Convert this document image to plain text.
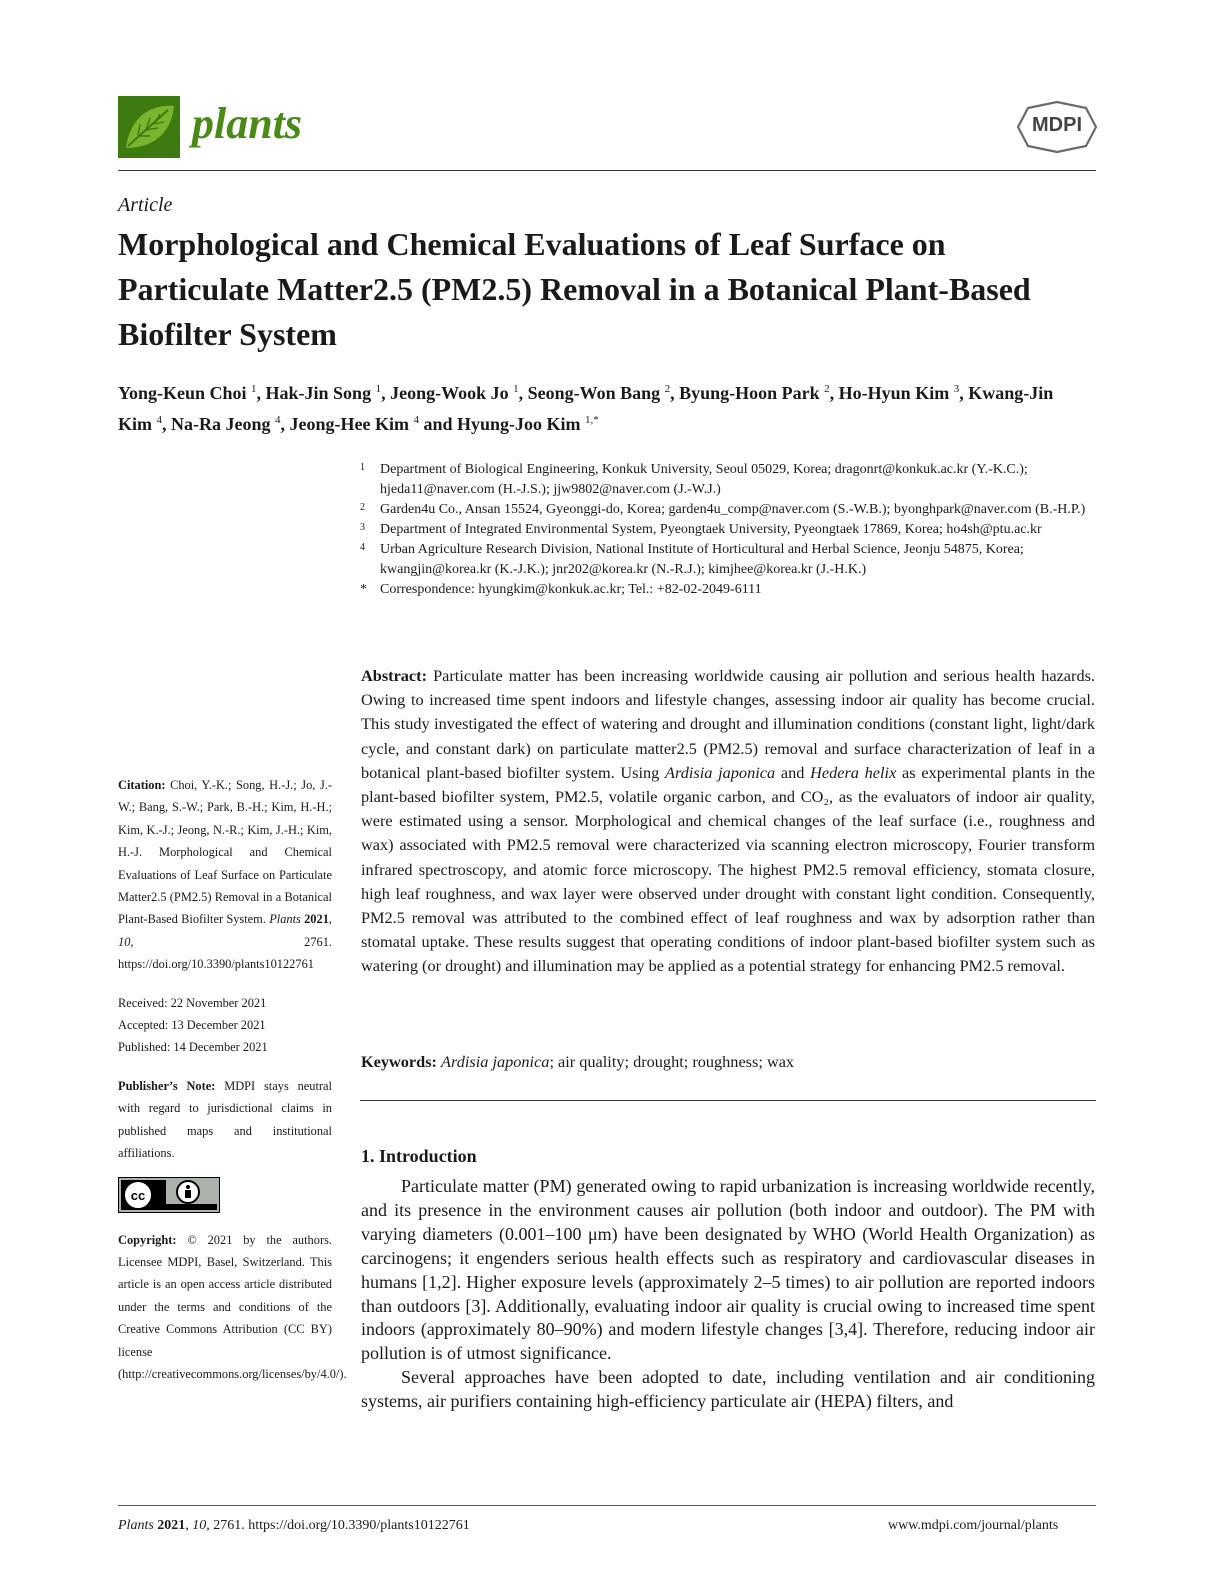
plants	MDPI
Article
Morphological and Chemical Evaluations of Leaf Surface on Particulate Matter2.5 (PM2.5) Removal in a Botanical Plant-Based Biofilter System
Yong-Keun Choi $^1$, Hak-Jin Song $^1$, Jeong-Wook Jo $^1$, Seong-Won Bang $^2$, Byung-Hoon Park $^2$, Ho-Hyun Kim $^3$, Kwang-Jin Kim $^4$, Na-Ra Jeong $^4$, Jeong-Hee Kim $^4$ and Hyung-Joo Kim $^{1,*}$
1 Department of Biological Engineering, Konkuk University, Seoul 05029, Korea; dragonrt@konkuk.ac.kr (Y.-K.C.); hjeda11@naver.com (H.-J.S.); jjw9802@naver.com (J.-W.J.)
2 Garden4u Co., Ansan 15524, Gyeonggi-do, Korea; garden4u_comp@naver.com (S.-W.B.); byonghpark@naver.com (B.-H.P.)
3 Department of Integrated Environmental System, Pyeongtaek University, Pyeongtaek 17869, Korea; ho4sh@ptu.ac.kr
4 Urban Agriculture Research Division, National Institute of Horticultural and Herbal Science, Jeonju 54875, Korea; kwangjin@korea.kr (K.-J.K.); jnr202@korea.kr (N.-R.J.); kimjhee@korea.kr (J.-H.K.)
* Correspondence: hyungkim@konkuk.ac.kr; Tel.: +82-02-2049-6111
Abstract: Particulate matter has been increasing worldwide causing air pollution and serious health hazards. Owing to increased time spent indoors and lifestyle changes, assessing indoor air quality has become crucial. This study investigated the effect of watering and drought and illumination conditions (constant light, light/dark cycle, and constant dark) on particulate matter2.5 (PM2.5) removal and surface characterization of leaf in a botanical plant-based biofilter system. Using Ardisia japonica and Hedera helix as experimental plants in the plant-based biofilter system, PM2.5, volatile organic carbon, and CO₂, as the evaluators of indoor air quality, were estimated using a sensor. Morphological and chemical changes of the leaf surface (i.e., roughness and wax) associated with PM2.5 removal were characterized via scanning electron microscopy, Fourier transform infrared spectroscopy, and atomic force microscopy. The highest PM2.5 removal efficiency, stomata closure, high leaf roughness, and wax layer were observed under drought with constant light condition. Consequently, PM2.5 removal was attributed to the combined effect of leaf roughness and wax by adsorption rather than stomatal uptake. These results suggest that operating conditions of indoor plant-based biofilter system such as watering (or drought) and illumination may be applied as a potential strategy for enhancing PM2.5 removal.
Keywords: Ardisia japonica; air quality; drought; roughness; wax
Citation: Choi, Y.-K.; Song, H.-J.; Jo, J.-W.; Bang, S.-W.; Park, B.-H.; Kim, H.-H.; Kim, K.-J.; Jeong, N.-R.; Kim, J.-H.; Kim, H.-J. Morphological and Chemical Evaluations of Leaf Surface on Particulate Matter2.5 (PM2.5) Removal in a Botanical Plant-Based Biofilter System. Plants 2021, 10, 2761. https://doi.org/10.3390/plants10122761
Received: 22 November 2021
Accepted: 13 December 2021
Published: 14 December 2021
Publisher’s Note: MDPI stays neutral with regard to jurisdictional claims in published maps and institutional affiliations.
cc
BY
Copyright: © 2021 by the authors. Licensee MDPI, Basel, Switzerland. This article is an open access article distributed under the terms and conditions of the Creative Commons Attribution (CC BY) license (http://creativecommons.org/licenses/by/4.0/).
1. Introduction

Particulate matter (PM) generated owing to rapid urbanization is increasing worldwide recently, and its presence in the environment causes air pollution (both indoor and outdoor). The PM with varying diameters (0.001–100 μm) have been designated by WHO (World Health Organization) as carcinogens; it engenders serious health effects such as respiratory and cardiovascular diseases in humans [1,2]. Higher exposure levels (approximately 2–5 times) to air pollution are reported indoors than outdoors [3]. Additionally, evaluating indoor air quality is crucial owing to increased time spent indoors (approximately 80–90%) and modern lifestyle changes [3,4]. Therefore, reducing indoor air pollution is of utmost significance.

Several approaches have been adopted to date, including ventilation and air conditioning systems, air purifiers containing high-efficiency particulate air (HEPA) filters, and

Plants 2021, 10, 2761. https://doi.org/10.3390/plants10122761	www.mdpi.com/journal/plants
